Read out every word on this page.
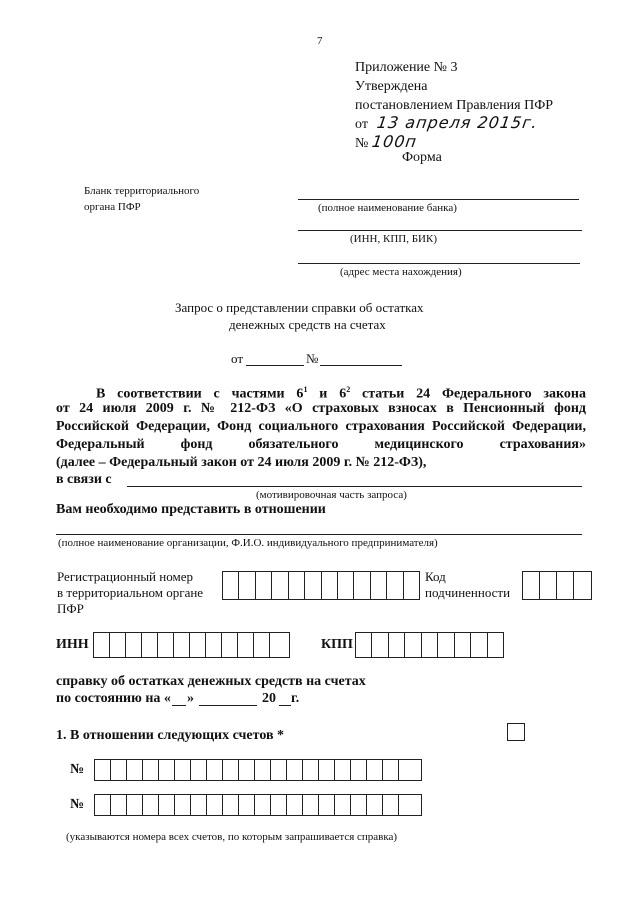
7
Приложение № 3
Утверждена
постановлением Правления ПФР
от 13 апреля 2015г.
№ 100п
Форма
Бланк территориального
органа ПФР	(полное наименование банка)
(ИНН, КПП, БИК)
(адрес места нахождения)
Запрос о представлении справки об остатках
денежных средств на счетах
от	№
В соответствии с частями $6^1$ и $6^2$ статьи 24 Федерального закона
от 24 июля 2009 г. № 212-ФЗ «О страховых взносах в Пенсионный фонд
Российской Федерации, Фонд социального страхования Российской Федерации,
Федеральный фонд обязательного медицинского страхования»
(далее – Федеральный закон от 24 июля 2009 г. № 212-ФЗ),
в связи с
(мотивировочная часть запроса)
Вам необходимо представить в отношении
(полное наименование организации, Ф.И.О. индивидуального предпринимателя)
Регистрационный номер
в территориальном органе
ПФР
Код
подчиненности
ИНН	КПП
справку об остатках денежных средств на счетах
по состоянию на « »	20 г.
1. В отношении следующих счетов *
№
№
(указываются номера всех счетов, по которым запрашивается справка)
